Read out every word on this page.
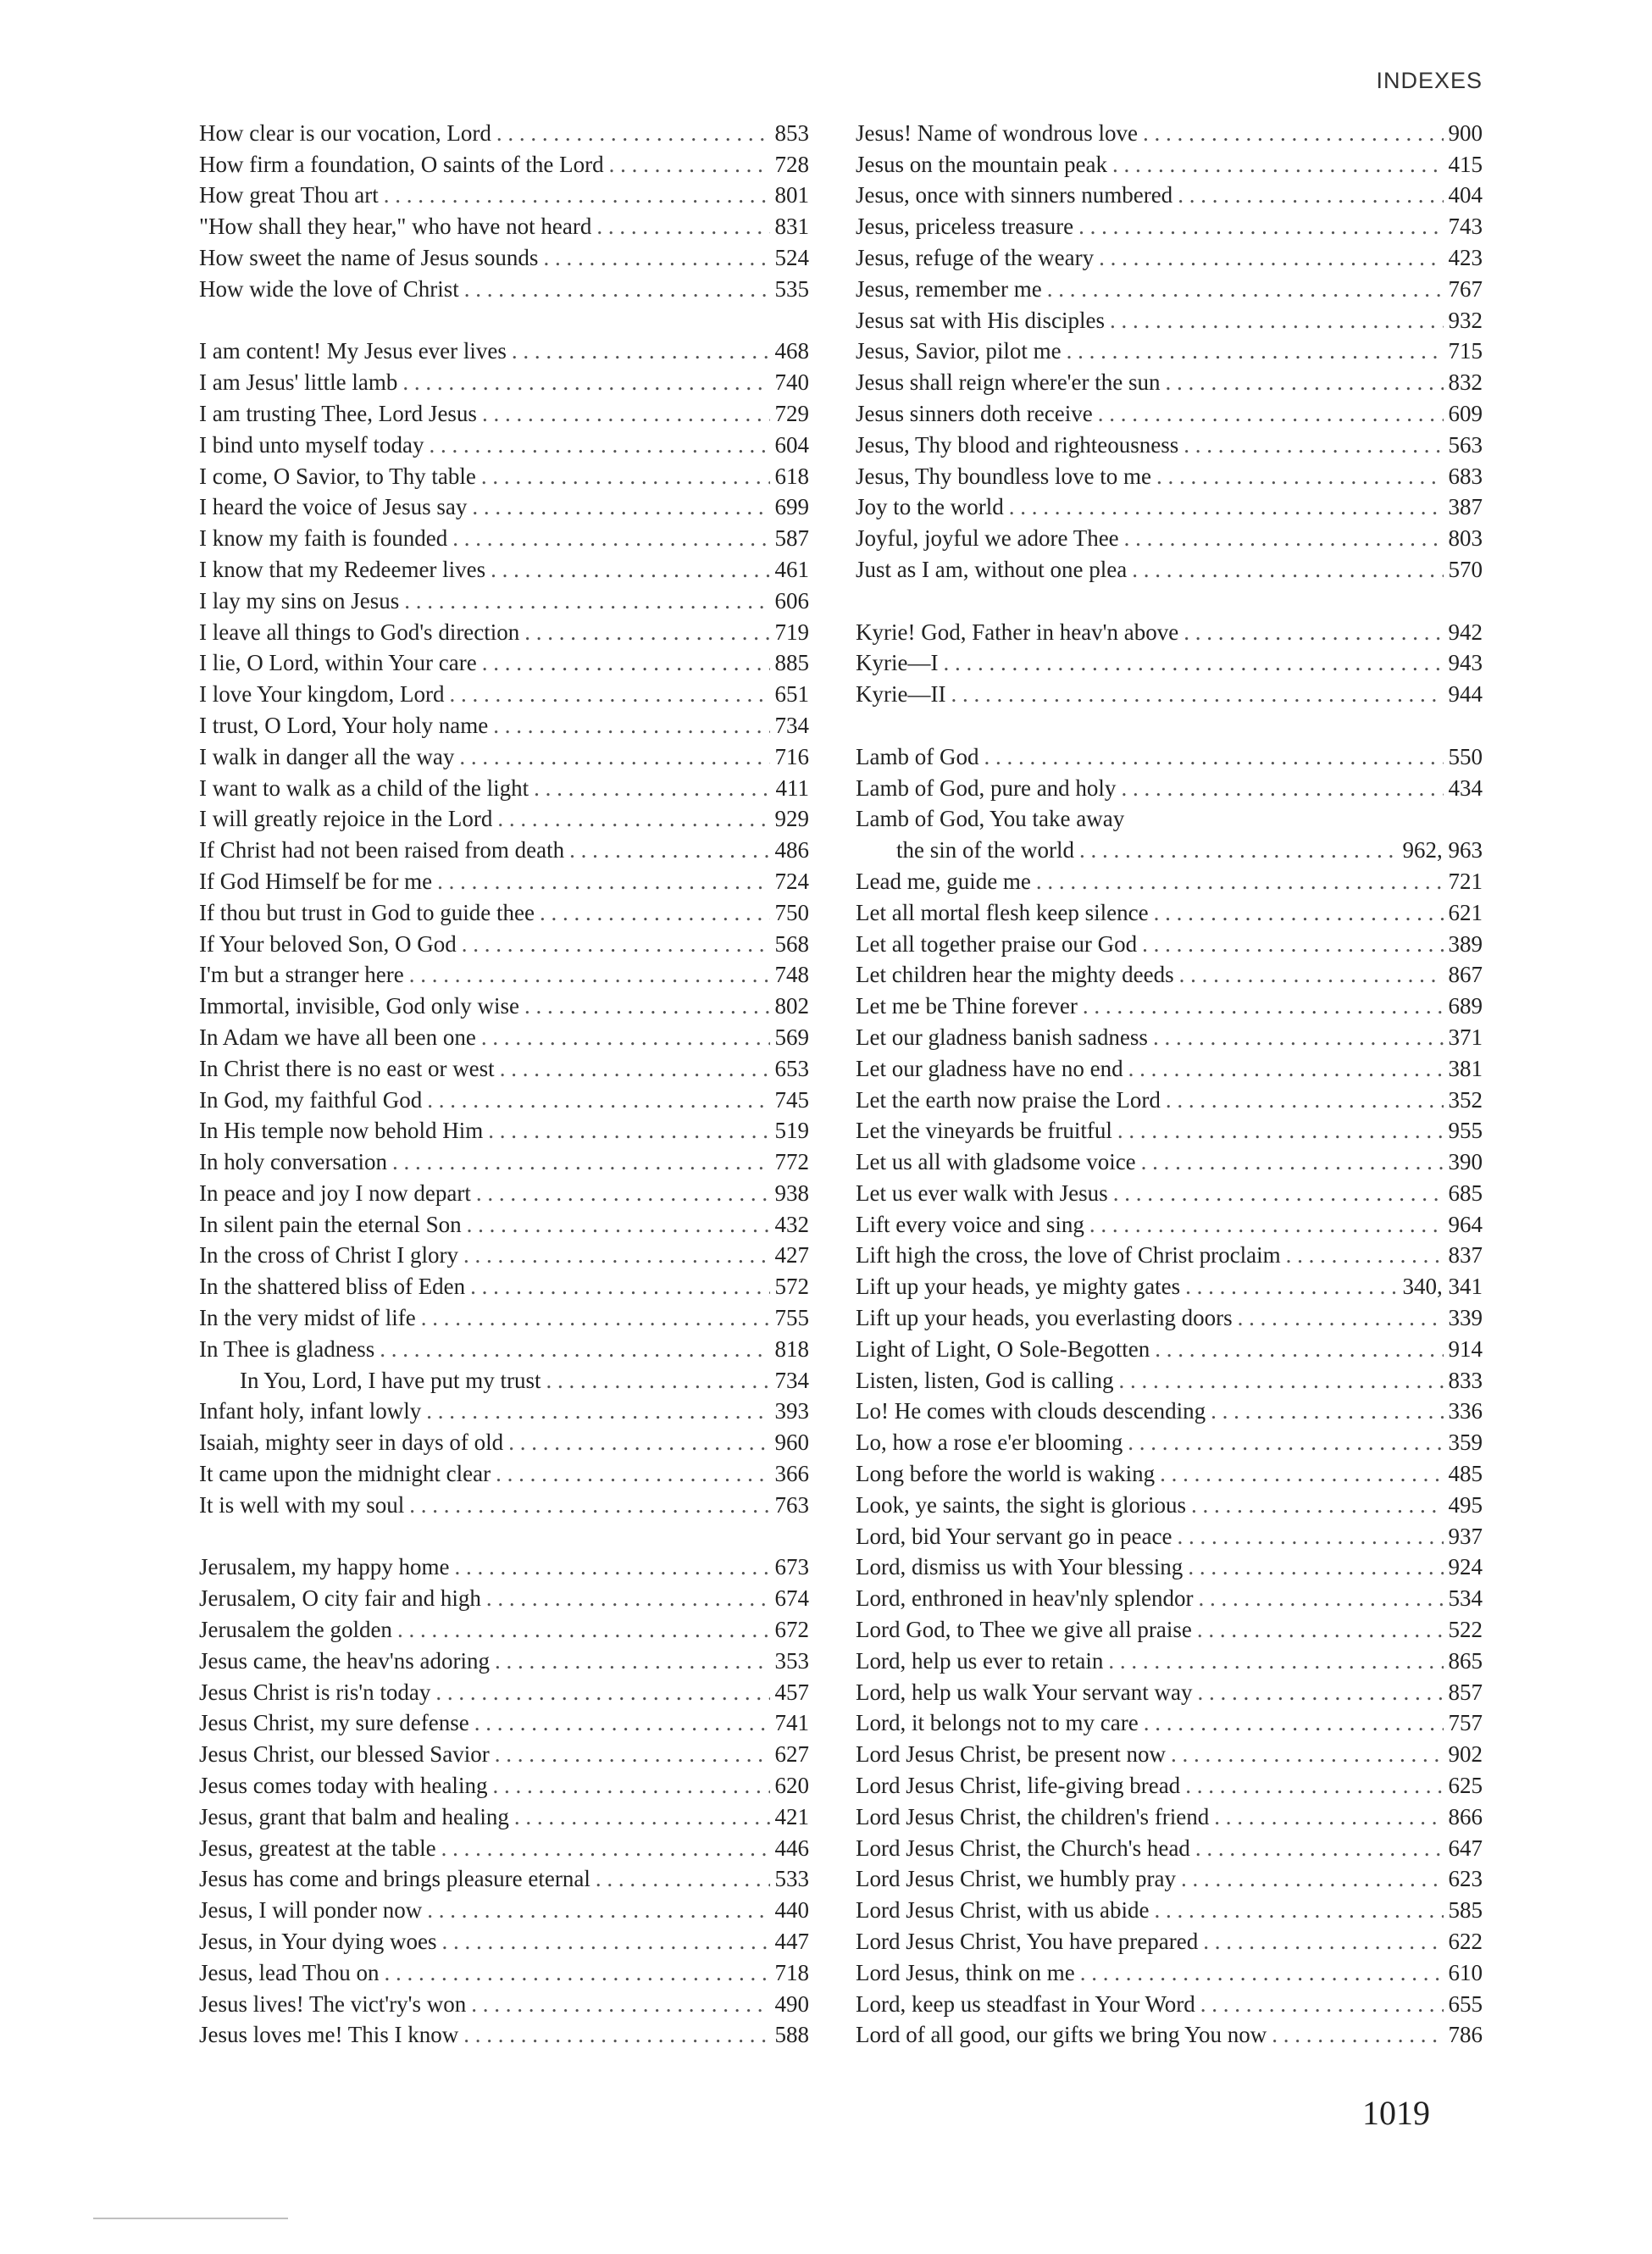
INDEXES
How clear is our vocation, Lord . . .	853
How firm a foundation, O saints of the Lord . . .	728
How great Thou art . . .	801
"How shall they hear," who have not heard . . .	831
How sweet the name of Jesus sounds . . .	524
How wide the love of Christ . . .	535
I am content! My Jesus ever lives . . .	468
I am Jesus' little lamb . . .	740
I am trusting Thee, Lord Jesus . . .	729
I bind unto myself today . . .	604
I come, O Savior, to Thy table . . .	618
I heard the voice of Jesus say . . .	699
I know my faith is founded . . .	587
I know that my Redeemer lives . . .	461
I lay my sins on Jesus . . .	606
I leave all things to God's direction . . .	719
I lie, O Lord, within Your care . . .	885
I love Your kingdom, Lord . . .	651
I trust, O Lord, Your holy name . . .	734
I walk in danger all the way . . .	716
I want to walk as a child of the light . . .	411
I will greatly rejoice in the Lord . . .	929
If Christ had not been raised from death . . .	486
If God Himself be for me . . .	724
If thou but trust in God to guide thee . . .	750
If Your beloved Son, O God . . .	568
I'm but a stranger here . . .	748
Immortal, invisible, God only wise . . .	802
In Adam we have all been one . . .	569
In Christ there is no east or west . . .	653
In God, my faithful God . . .	745
In His temple now behold Him . . .	519
In holy conversation . . .	772
In peace and joy I now depart . . .	938
In silent pain the eternal Son . . .	432
In the cross of Christ I glory . . .	427
In the shattered bliss of Eden . . .	572
In the very midst of life . . .	755
In Thee is gladness . . .	818
In You, Lord, I have put my trust . . .	734
Infant holy, infant lowly . . .	393
Isaiah, mighty seer in days of old . . .	960
It came upon the midnight clear . . .	366
It is well with my soul . . .	763
Jerusalem, my happy home . . .	673
Jerusalem, O city fair and high . . .	674
Jerusalem the golden . . .	672
Jesus came, the heav'ns adoring . . .	353
Jesus Christ is ris'n today . . .	457
Jesus Christ, my sure defense . . .	741
Jesus Christ, our blessed Savior . . .	627
Jesus comes today with healing . . .	620
Jesus, grant that balm and healing . . .	421
Jesus, greatest at the table . . .	446
Jesus has come and brings pleasure eternal . . .	533
Jesus, I will ponder now . . .	440
Jesus, in Your dying woes . . .	447
Jesus, lead Thou on . . .	718
Jesus lives! The vict'ry's won . . .	490
Jesus loves me! This I know . . .	588
Jesus! Name of wondrous love . . .	900
Jesus on the mountain peak . . .	415
Jesus, once with sinners numbered . . .	404
Jesus, priceless treasure . . .	743
Jesus, refuge of the weary . . .	423
Jesus, remember me . . .	767
Jesus sat with His disciples . . .	932
Jesus, Savior, pilot me . . .	715
Jesus shall reign where'er the sun . . .	832
Jesus sinners doth receive . . .	609
Jesus, Thy blood and righteousness . . .	563
Jesus, Thy boundless love to me . . .	683
Joy to the world . . .	387
Joyful, joyful we adore Thee . . .	803
Just as I am, without one plea . . .	570
Kyrie! God, Father in heav'n above . . .	942
Kyrie—I . . .	943
Kyrie—II . . .	944
Lamb of God . . .	550
Lamb of God, pure and holy . . .	434
Lamb of God, You take away
the sin of the world . . .	962, 963
Lead me, guide me . . .	721
Let all mortal flesh keep silence . . .	621
Let all together praise our God . . .	389
Let children hear the mighty deeds . . .	867
Let me be Thine forever . . .	689
Let our gladness banish sadness . . .	371
Let our gladness have no end . . .	381
Let the earth now praise the Lord . . .	352
Let the vineyards be fruitful . . .	955
Let us all with gladsome voice . . .	390
Let us ever walk with Jesus . . .	685
Lift every voice and sing . . .	964
Lift high the cross, the love of Christ proclaim . . .	837
Lift up your heads, ye mighty gates . . .	340, 341
Lift up your heads, you everlasting doors . . .	339
Light of Light, O Sole-Begotten . . .	914
Listen, listen, God is calling . . .	833
Lo! He comes with clouds descending . . .	336
Lo, how a rose e'er blooming . . .	359
Long before the world is waking . . .	485
Look, ye saints, the sight is glorious . . .	495
Lord, bid Your servant go in peace . . .	937
Lord, dismiss us with Your blessing . . .	924
Lord, enthroned in heav'nly splendor . . .	534
Lord God, to Thee we give all praise . . .	522
Lord, help us ever to retain . . .	865
Lord, help us walk Your servant way . . .	857
Lord, it belongs not to my care . . .	757
Lord Jesus Christ, be present now . . .	902
Lord Jesus Christ, life-giving bread . . .	625
Lord Jesus Christ, the children's friend . . .	866
Lord Jesus Christ, the Church's head . . .	647
Lord Jesus Christ, we humbly pray . . .	623
Lord Jesus Christ, with us abide . . .	585
Lord Jesus Christ, You have prepared . . .	622
Lord Jesus, think on me . . .	610
Lord, keep us steadfast in Your Word . . .	655
Lord of all good, our gifts we bring You now . . .	786
1019
